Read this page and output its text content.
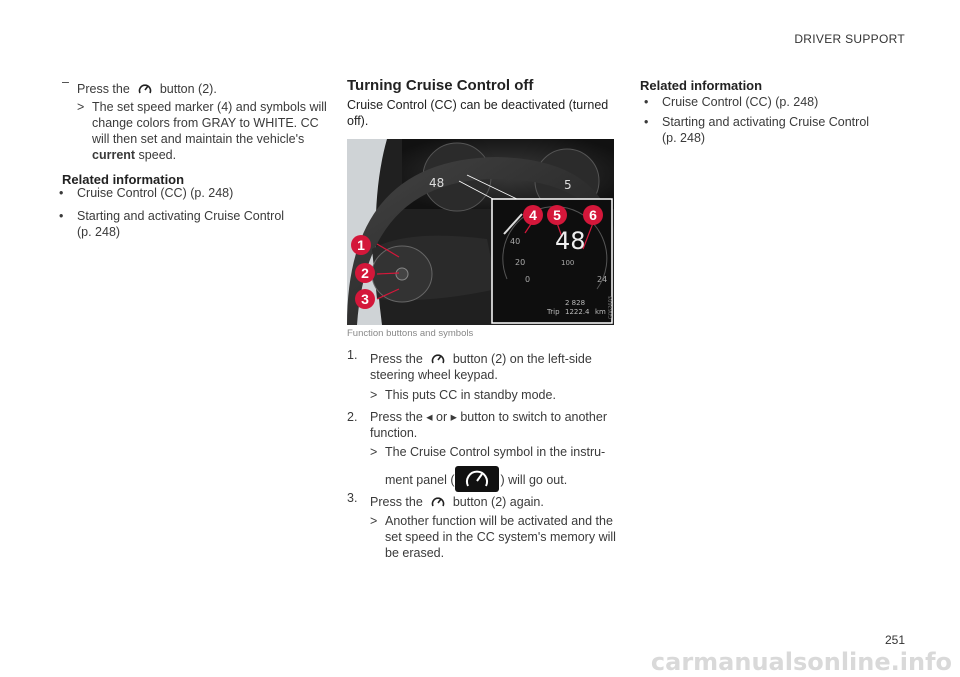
DRIVER SUPPORT
– Press the button (2).
> The set speed marker (4) and symbols will
change colors from GRAY to WHITE. CC
will then set and maintain the vehicle's
current speed.
Related information
• Cruise Control (CC) (p. 248)
• Starting and activating Cruise Control
(p. 248)
Turning Cruise Control off
Cruise Control (CC) can be deactivated (turned
off).
Trip 1222.4 km
2 828
48
48	5
40
20
0
100
24
G062603
1
2
3
4	5	6
Function buttons and symbols
1. Press the button (2) on the left-side
steering wheel keypad.
> This puts CC in standby mode.
2. Press the ◂ or ▸ button to switch to another
function.
> The Cruise Control symbol in the instru-
ment panel (	) will go out.
3. Press the button (2) again.
> Another function will be activated and the
set speed in the CC system's memory will
be erased.
Related information
• Cruise Control (CC) (p. 248)
• Starting and activating Cruise Control
(p. 248)
251
carmanualsonline.info
